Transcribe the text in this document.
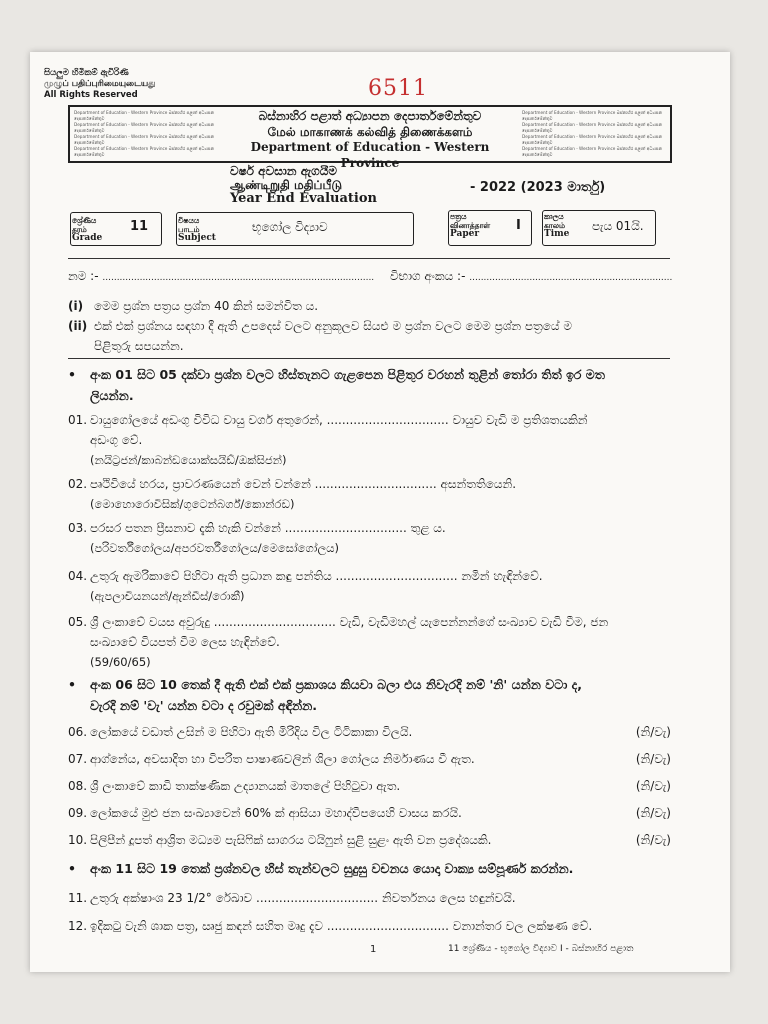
සියලුම හිමිකම් ඇවිරිණි
முழுப் பதிப்புரிமையுடையது
All Rights Reserved	6511
Department of Education - Western Province බස්නාහිර පළාත් අධ්‍යාපන දෙපාර්තමේන්තුව
Department of Education - Western Province බස්නාහිර පළාත් අධ්‍යාපන දෙපාර්තමේන්තුව
Department of Education - Western Province බස්නාහිර පළාත් අධ්‍යාපන දෙපාර්තමේන්තුව
Department of Education - Western Province බස්නාහිර පළාත් අධ්‍යාපන දෙපාර්තමේන්තුව
බස්නාහිර පළාත් අධ්‍යාපන දෙපාර්තමේන්තුව
மேல் மாகாணக் கல்வித் திணைக்களம்
Department of Education - Western Province
Department of Education - Western Province බස්නාහිර පළාත් අධ්‍යාපන දෙපාර්තමේන්තුව
Department of Education - Western Province බස්නාහිර පළාත් අධ්‍යාපන දෙපාර්තමේන්තුව
Department of Education - Western Province බස්නාහිර පළාත් අධ්‍යාපන දෙපාර්තමේන්තුව
Department of Education - Western Province බස්නාහිර පළාත් අධ්‍යාපන දෙපාර්තමේන්තුව
වර්ෂ අවසාන ඇගයීම
ஆண்டிறுதி மதிப்பீடு
Year End Evaluation
- 2022 (2023 මාර්තු)
ශ්‍රේණිය
தரம்
Grade
11	විෂයය
பாடம்
Subject
භූගෝල විද්‍යාව
පත්‍රය
வினாத்தாள்
Paper
I
කාලය
காலம்
Time
පැය 01යි.
නම :- ............................................................................................... විභාග අංකය :- .......................................................................
(i) මෙම ප්‍රශ්න පත්‍රය ප්‍රශ්න 40 කින් සමන්විත ය.
(ii) එක් එක් ප්‍රශ්නය සඳහා දී ඇති උපදෙස් වලට අනුකූලව සියළු ම ප්‍රශ්න වලට මෙම ප්‍රශ්න පත්‍රයේ ම
පිළිතුරු සපයන්න.
• අංක 01 සිට 05 දක්වා ප්‍රශ්න වලට හිස්තැනට ගැළපෙන පිළිතුර වරහන් තුළින් තෝරා තිත් ඉර මත
ලියන්න.
01. වායුගෝලයේ අඩංගු විවිධ වායු වර්ග අතුරෙන්, ................................ වායුව වැඩි ම ප්‍රතිශතයකින්
අඩංගු වේ.
(නයිට්‍රජන්/කාබන්ඩයොක්සයිඩ්/ඔක්සිජන්)
02. පෘථිවියේ හරය, ප්‍රාවරණයෙන් වෙන් වන්නේ ................................ අසන්තතියෙනි.
(මොහොරොවිසික්/ගුටෙන්බර්ග්/කොන්රඩ)
03. පරසර පතන ප්‍රීසනාව දැකි හැකි වන්නේ ................................ තුළ ය.
(පරිවර්තීගෝලය/අපරවර්තීගෝලය/මෙසෝගෝලය)
04. උතුරු ඇමරිකාවේ පිහිටා ඇති ප්‍රධාන කඳු පන්තිය ................................ නමින් හැඳින්වේ.
(ඇපලාචියනයන්/ඇන්ඩීස්/රොකී)
05. ශ්‍රී ලංකාවේ වයස අවුරුදු ................................ වැඩි, වැඩිමහල් යැපෙන්නන්ගේ සංඛ්‍යාව වැඩි වීම, ජන
සංඛ්‍යාවේ වියපත් වීම ලෙස හැඳින්වේ.
(59/60/65)
• අංක 06 සිට 10 තෙක් දී ඇති එක් එක් ප්‍රකාශය කියවා බලා එය නිවැරදි නම් 'නි' යන්න වටා ද,
වැරදි නම් 'වැ' යන්න වටා ද රවුමක් අඳින්න.
06. ලෝකයේ වඩාත් උසින් ම පිහිටා ඇති මිරිදිය විල ටිටිකාකා විලයි.	(නි/වැ)
07. ආග්නේය, අවසාදිත හා විපරිත පාෂාණවලින් ශිලා ගෝලය නිර්මාණය වී ඇත.	(නි/වැ)
08. ශ්‍රී ලංකාවේ කාඩි තාක්ෂණික උද්‍යානයක් මාතලේ පිහිටුවා ඇත.	(නි/වැ)
09. ලෝකයේ මුළු ජන සංඛ්‍යාවෙන් 60% ක් ආසියා මහාද්වීපයෙහි වාසය කරයි.	(නි/වැ)
10. පිලිපීන් දූපත් ආශ්‍රිත මධ්‍යම පැසිෆික් සාගරය ටයිෆුන් සුළි සුළං ඇති වන ප්‍රදේශයකි.	(නි/වැ)
• අංක 11 සිට 19 තෙක් ප්‍රශ්නවල හිස් තැන්වලට සුදුසු වචනය යොදා වාක්‍ය සම්පූර්ණ කරන්න.
11. උතුරු අක්ෂාංශ 23 1/2° රේඛාව ................................ නිවර්තනය ලෙස හඳුන්වයි.
12. ඉදිකටු වැනි ශාක පත්‍ර, ඍජු කඳන් සහිත මෘදු දැව ................................ වනාන්තර වල ලක්ෂණ වේ.
1	11 ශ්‍රේණිය - භූගෝල විද්‍යාව I - බස්නාහිර පළාත
